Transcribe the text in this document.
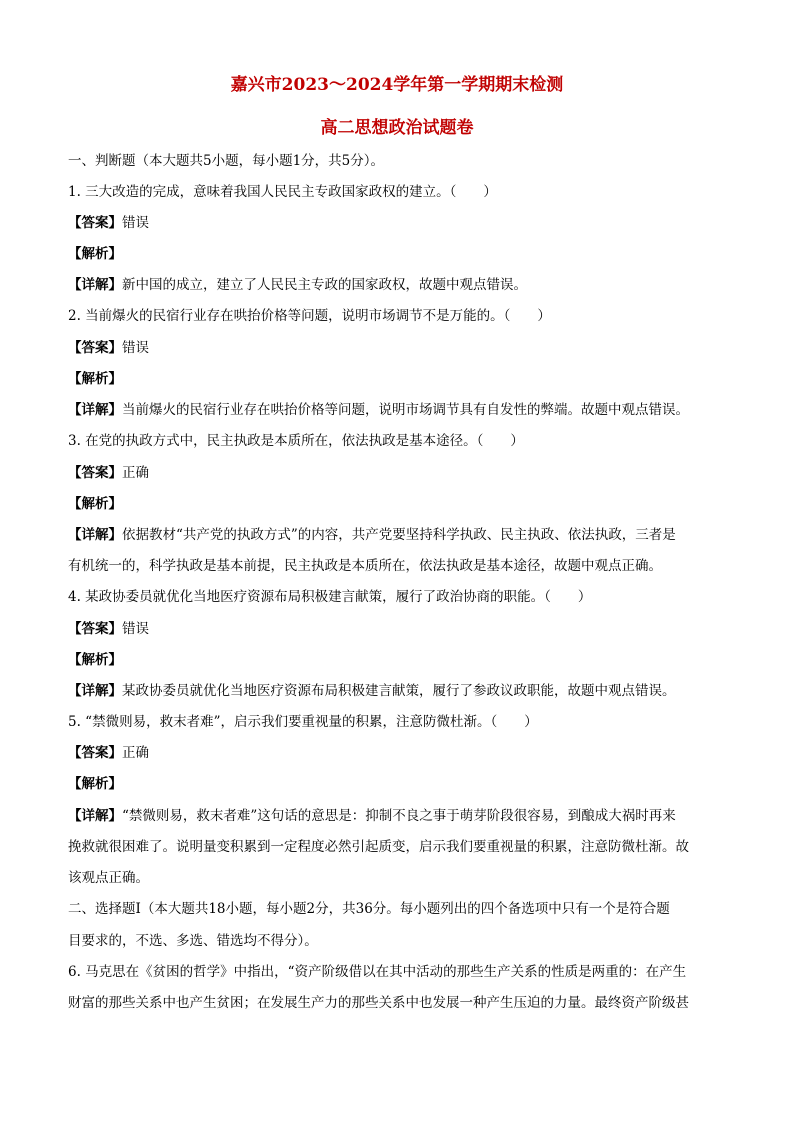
嘉兴市2023～2024学年第一学期期末检测
高二思想政治试题卷
一、判断题（本大题共5小题，每小题1分，共5分）。
1. 三大改造的完成，意味着我国人民民主专政国家政权的建立。（　　）
【答案】错误
【解析】
【详解】新中国的成立，建立了人民民主专政的国家政权，故题中观点错误。
2. 当前爆火的民宿行业存在哄抬价格等问题，说明市场调节不是万能的。（　　）
【答案】错误
【解析】
【详解】当前爆火的民宿行业存在哄抬价格等问题，说明市场调节具有自发性的弊端。故题中观点错误。
3. 在党的执政方式中，民主执政是本质所在，依法执政是基本途径。（　　）
【答案】正确
【解析】
【详解】依据教材“共产党的执政方式”的内容，共产党要坚持科学执政、民主执政、依法执政，三者是
有机统一的，科学执政是基本前提，民主执政是本质所在，依法执政是基本途径，故题中观点正确。
4. 某政协委员就优化当地医疗资源布局积极建言献策，履行了政治协商的职能。（　　）
【答案】错误
【解析】
【详解】某政协委员就优化当地医疗资源布局积极建言献策，履行了参政议政职能，故题中观点错误。
5. “禁微则易，救末者难”，启示我们要重视量的积累，注意防微杜渐。（　　）
【答案】正确
【解析】
【详解】“禁微则易，救末者难”这句话的意思是：抑制不良之事于萌芽阶段很容易，到酿成大祸时再来
挽救就很困难了。说明量变积累到一定程度必然引起质变，启示我们要重视量的积累，注意防微杜渐。故
该观点正确。
二、选择题Ⅰ（本大题共18小题，每小题2分，共36分。每小题列出的四个备选项中只有一个是符合题
目要求的，不选、多选、错选均不得分）。
6. 马克思在《贫困的哲学》中指出，“资产阶级借以在其中活动的那些生产关系的性质是两重的：在产生
财富的那些关系中也产生贫困；在发展生产力的那些关系中也发展一种产生压迫的力量。最终资产阶级甚
